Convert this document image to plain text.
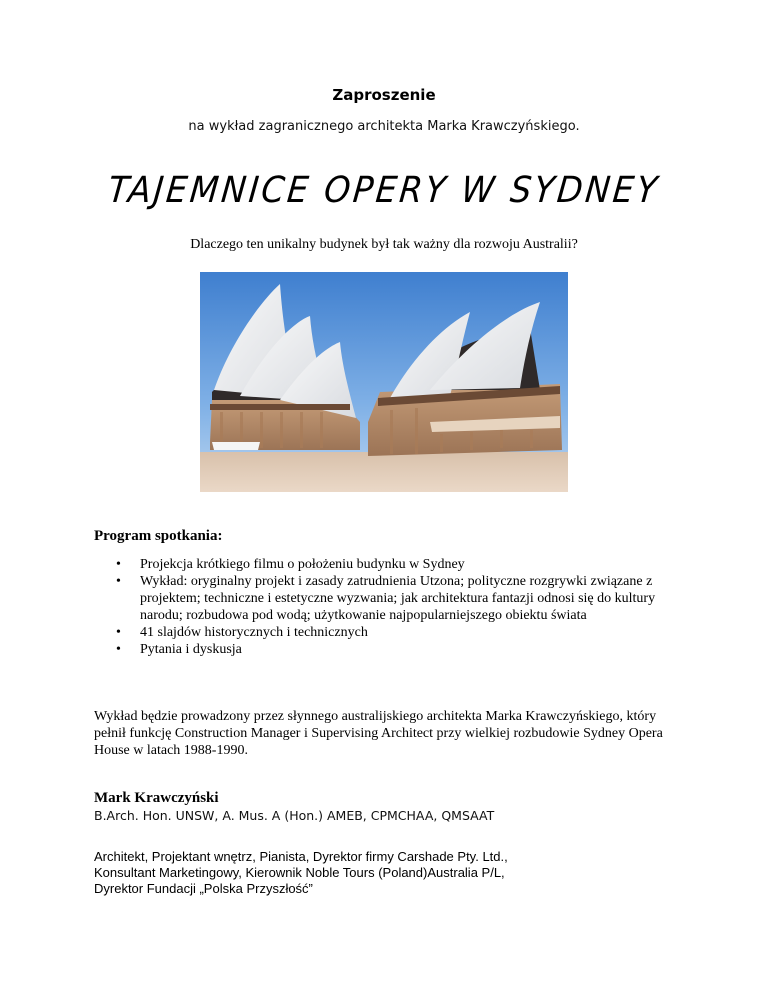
Zaproszenie
na wykład zagranicznego architekta Marka Krawczyńskiego.
TAJEMNICE OPERY W SYDNEY
Dlaczego ten unikalny budynek był tak ważny dla rozwoju Australii?
Program spotkania:
• Projekcja krótkiego filmu o położeniu budynku w Sydney
• Wykład: oryginalny projekt i zasady zatrudnienia Utzona; polityczne rozgrywki związane z projektem; techniczne i estetyczne wyzwania; jak architektura fantazji odnosi się do kultury narodu; rozbudowa pod wodą; użytkowanie najpopularniejszego obiektu świata
• 41 slajdów historycznych i technicznych
• Pytania i dyskusja
Wykład będzie prowadzony przez słynnego australijskiego architekta Marka Krawczyńskiego, który pełnił funkcję Construction Manager i Supervising Architect przy wielkiej rozbudowie Sydney Opera House w latach 1988-1990.
Mark Krawczyński
B.Arch. Hon. UNSW, A. Mus. A (Hon.) AMEB, CPMCHAA, QMSAAT
Architekt, Projektant wnętrz, Pianista, Dyrektor firmy Carshade Pty. Ltd.,
Konsultant Marketingowy, Kierownik Noble Tours (Poland)Australia P/L,
Dyrektor Fundacji „Polska Przyszłość”
